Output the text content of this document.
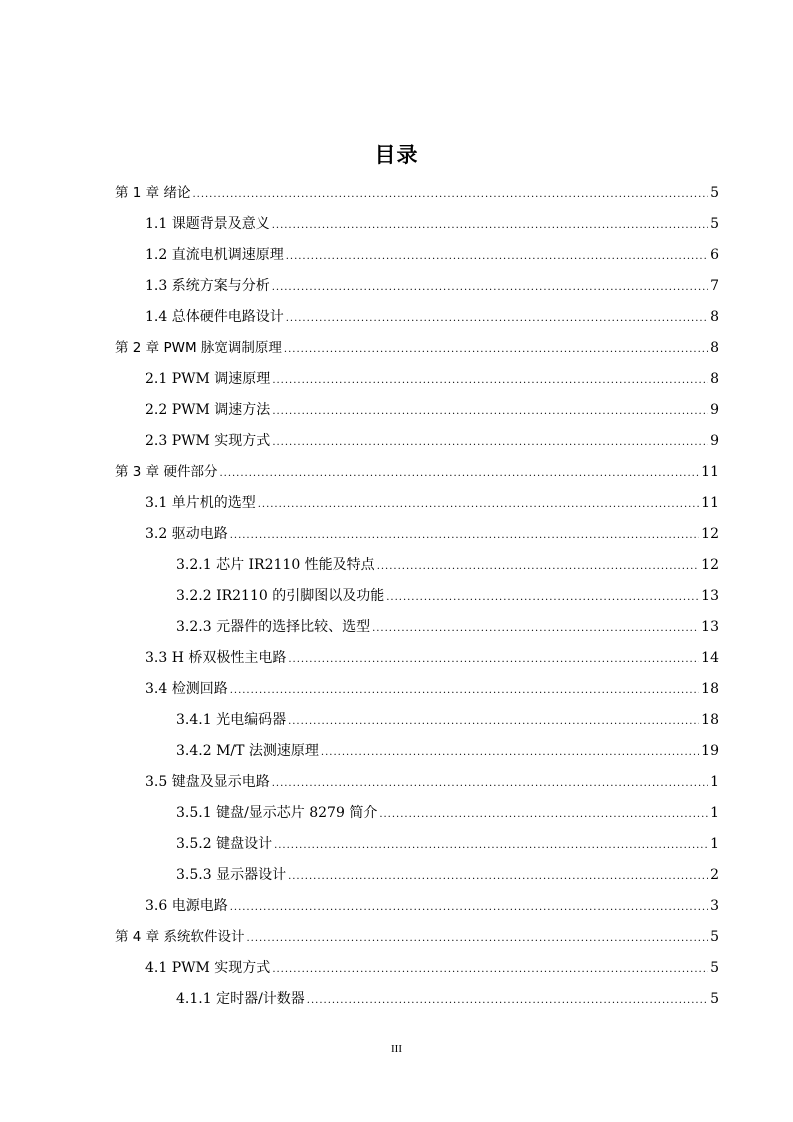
目录
第 1 章 绪论 .....	5
1.1 课题背景及意义 .....	5
1.2 直流电机调速原理 .....	6
1.3 系统方案与分析 .....	7
1.4 总体硬件电路设计 .....	8
第 2 章 PWM 脉宽调制原理 .....	8
2.1 PWM 调速原理 .....	8
2.2 PWM 调速方法 .....	9
2.3 PWM 实现方式 .....	9
第 3 章 硬件部分 .....	11
3.1 单片机的选型 .....	11
3.2 驱动电路 .....	12
3.2.1 芯片 IR2110 性能及特点 .....	12
3.2.2 IR2110 的引脚图以及功能 .....	13
3.2.3 元器件的选择比较、选型 .....	13
3.3 H 桥双极性主电路 .....	14
3.4 检测回路 .....	18
3.4.1 光电编码器 .....	18
3.4.2 M/T 法测速原理 .....	19
3.5 键盘及显示电路 .....	1
3.5.1 键盘/显示芯片 8279 简介 .....	1
3.5.2 键盘设计 .....	1
3.5.3 显示器设计 .....	2
3.6 电源电路 .....	3
第 4 章 系统软件设计 .....	5
4.1 PWM 实现方式 .....	5
4.1.1 定时器/计数器 .....	5
III
